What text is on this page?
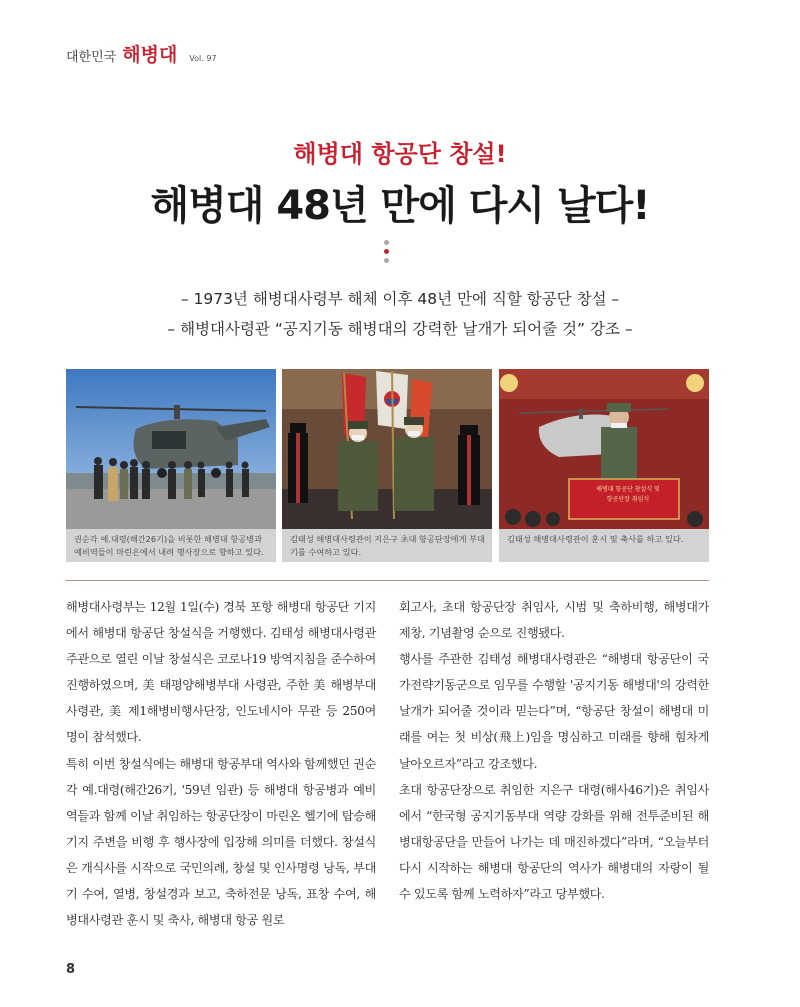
대한민국 해병대 Vol. 97
해병대 항공단 창설!
해병대 48년 만에 다시 날다!
– 1973년 해병대사령부 해체 이후 48년 만에 직할 항공단 창설 –
– 해병대사령관 “공지기동 해병대의 강력한 날개가 되어줄 것” 강조 –
권순각 예.대령(해간26기)을 비롯한 해병대 항공병과 예비역들이 마린온에서 내려 행사장으로 향하고 있다.
김태성 해병대사령관이 지은구 초대 항공단장에게 부대기를 수여하고 있다.
해병대 항공단 창설식 및
항공단장 취임식
김태성 해병대사령관이 훈시 및 축사를 하고 있다.

해병대사령부는 12월 1일(수) 경북 포항 해병대 항공단 기지에서 해병대 항공단 창설식을 거행했다. 김태성 해병대사령관 주관으로 열린 이날 창설식은 코로나19 방역지침을 준수하여 진행하였으며, 美 태평양해병부대 사령관, 주한 美 해병부대사령관, 美 제1해병비행사단장, 인도네시아 무관 등 250여 명이 참석했다.

특히 이번 창설식에는 해병대 항공부대 역사와 함께했던 권순각 예.대령(해간26기, '59년 임관) 등 해병대 항공병과 예비역들과 함께 이날 취임하는 항공단장이 마린온 헬기에 탑승해 기지 주변을 비행 후 행사장에 입장해 의미를 더했다. 창설식은 개식사를 시작으로 국민의례, 창설 및 인사명령 낭독, 부대기 수여, 열병, 창설경과 보고, 축하전문 낭독, 표창 수여, 해병대사령관 훈시 및 축사, 해병대 항공 원로

회고사, 초대 항공단장 취임사, 시범 및 축하비행, 해병대가 제창, 기념촬영 순으로 진행됐다.

행사를 주관한 김태성 해병대사령관은 “해병대 항공단이 국가전략기동군으로 임무를 수행할 '공지기동 해병대'의 강력한 날개가 되어줄 것이라 믿는다”며, “항공단 창설이 해병대 미래를 여는 첫 비상(飛上)임을 명심하고 미래를 향해 힘차게 날아오르자”라고 강조했다.

초대 항공단장으로 취임한 지은구 대령(해사46기)은 취임사에서 “한국형 공지기동부대 역량 강화를 위해 전투준비된 해병대항공단을 만들어 나가는 데 매진하겠다”라며, “오늘부터 다시 시작하는 해병대 항공단의 역사가 해병대의 자랑이 될 수 있도록 함께 노력하자”라고 당부했다.

8
